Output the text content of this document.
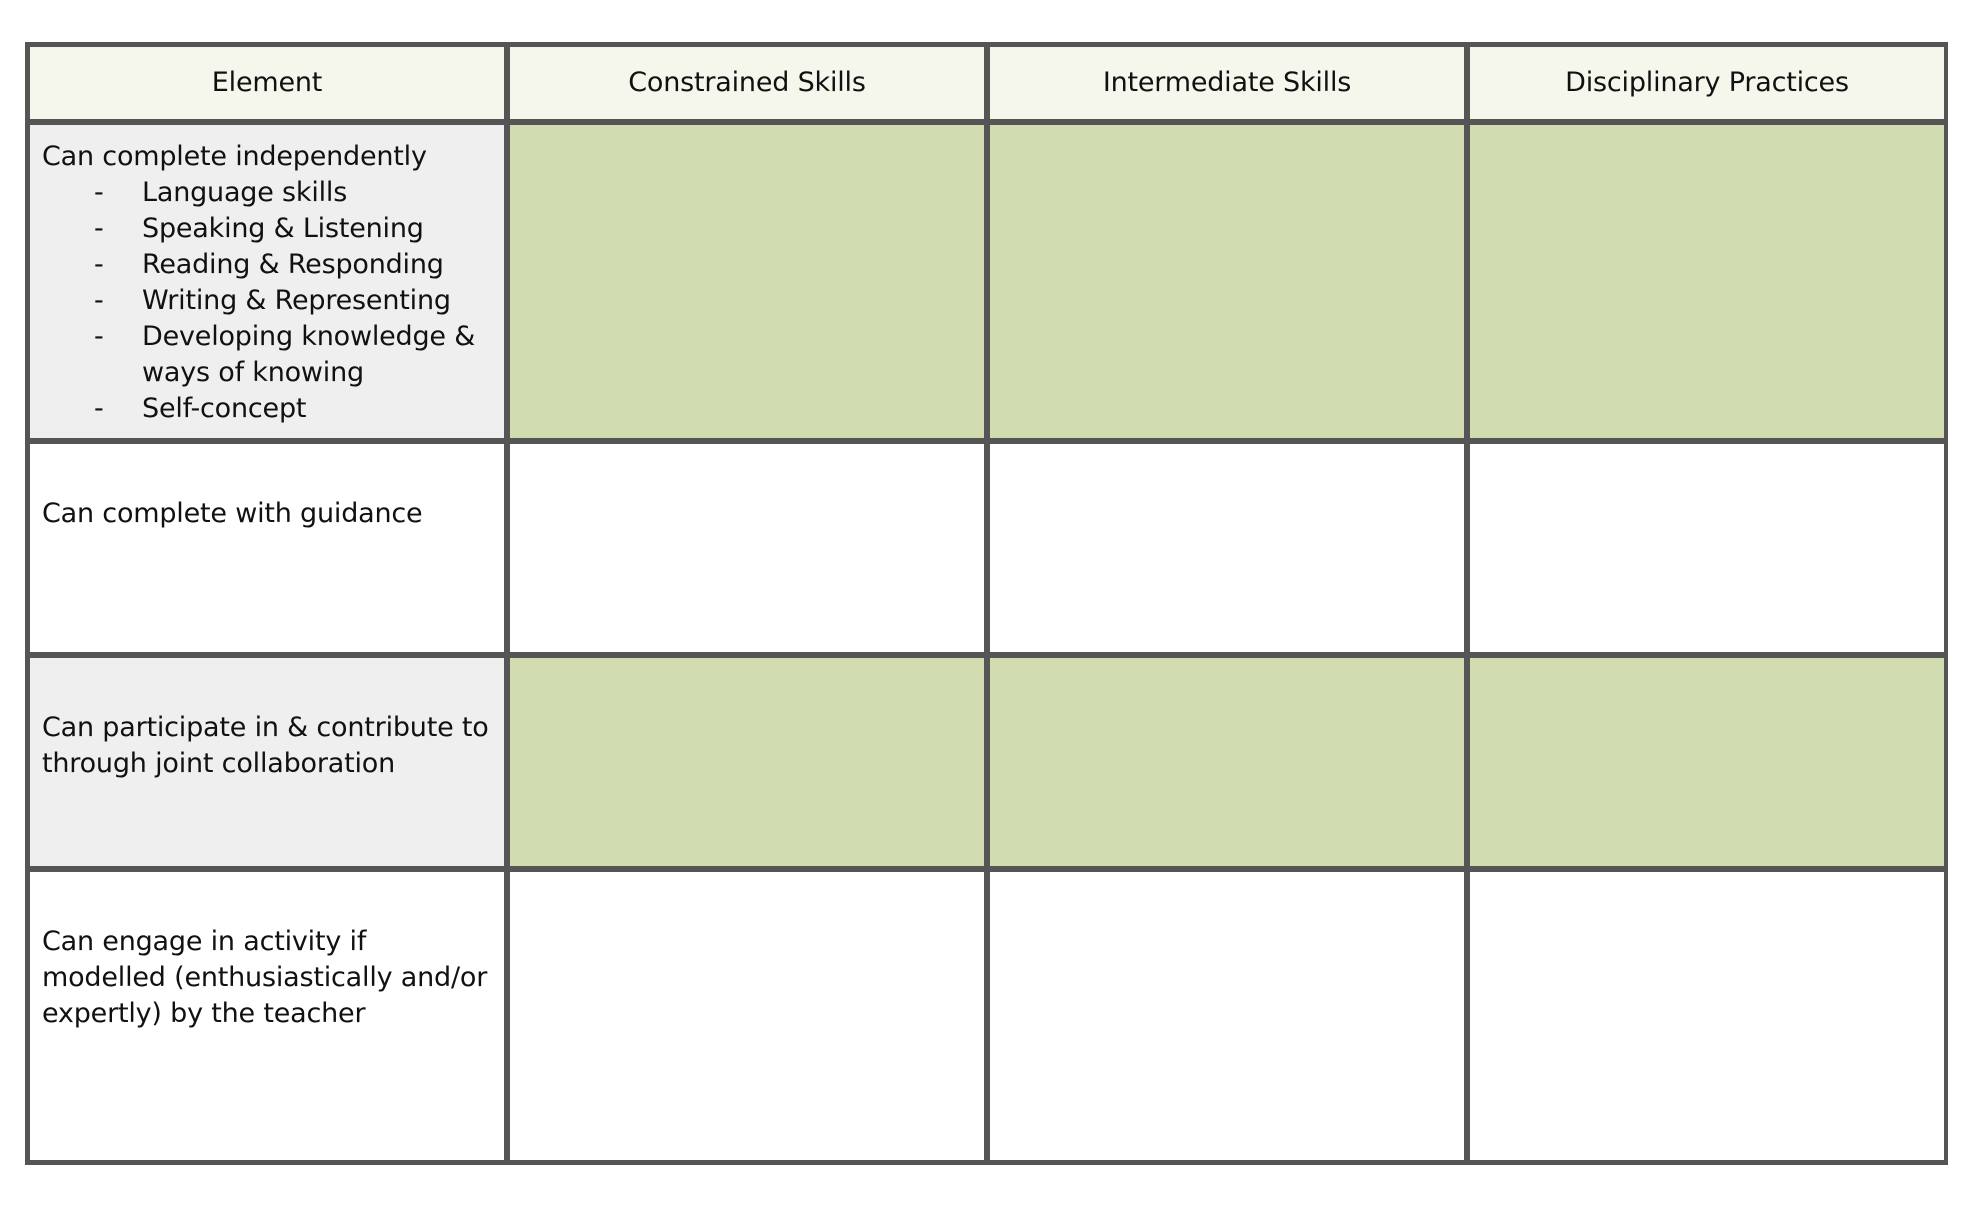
Element	Constrained Skills	Intermediate Skills	Disciplinary Practices
Can complete independently
- Language skills
- Speaking & Listening
- Reading & Responding
- Writing & Representing
- Developing knowledge & ways of knowing
- Self-concept
Can complete with guidance
Can participate in & contribute to through joint collaboration
Can engage in activity if modelled (enthusiastically and/or expertly) by the teacher
